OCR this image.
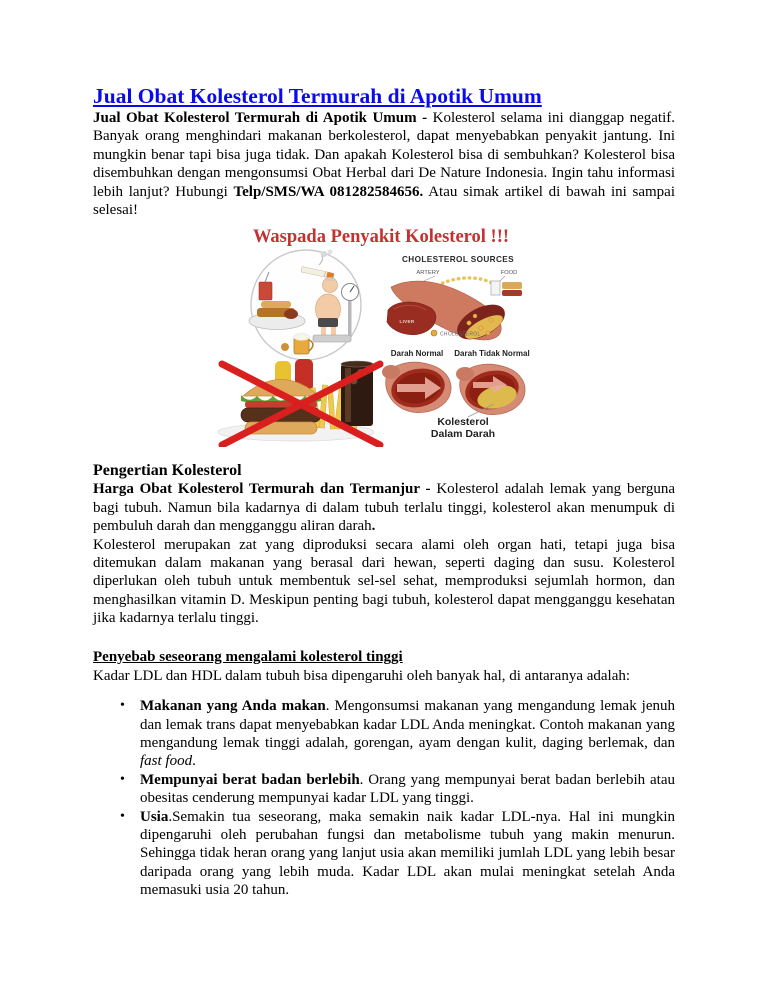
Jual Obat Kolesterol Termurah di Apotik Umum

Jual Obat Kolesterol Termurah di Apotik Umum - Kolesterol selama ini dianggap negatif. Banyak orang menghindari makanan berkolesterol, dapat menyebabkan penyakit jantung. Ini mungkin benar tapi bisa juga tidak. Dan apakah Kolesterol bisa di sembuhkan? Kolesterol bisa disembuhkan dengan mengonsumsi Obat Herbal dari De Nature Indonesia. Ingin tahu informasi lebih lanjut? Hubungi Telp/SMS/WA 081282584656. Atau simak artikel di bawah ini sampai selesai!

Waspada Penyakit Kolesterol !!!
CHOLESTEROL SOURCES
ARTERY	FOOD
LIVER
CHOLESTEROL
Darah Normal Darah Tidak Normal
Kolesterol
Dalam Darah
Pengertian Kolesterol

Harga Obat Kolesterol Termurah dan Termanjur - Kolesterol adalah lemak yang berguna bagi tubuh. Namun bila kadarnya di dalam tubuh terlalu tinggi, kolesterol akan menumpuk di pembuluh darah dan mengganggu aliran darah.

Kolesterol merupakan zat yang diproduksi secara alami oleh organ hati, tetapi juga bisa ditemukan dalam makanan yang berasal dari hewan, seperti daging dan susu. Kolesterol diperlukan oleh tubuh untuk membentuk sel-sel sehat, memproduksi sejumlah hormon, dan menghasilkan vitamin D. Meskipun penting bagi tubuh, kolesterol dapat mengganggu kesehatan jika kadarnya terlalu tinggi.

Penyebab seseorang mengalami kolesterol tinggi

Kadar LDL dan HDL dalam tubuh bisa dipengaruhi oleh banyak hal, di antaranya adalah:

• Makanan yang Anda makan. Mengonsumsi makanan yang mengandung lemak jenuh dan lemak trans dapat menyebabkan kadar LDL Anda meningkat. Contoh makanan yang mengandung lemak tinggi adalah, gorengan, ayam dengan kulit, daging berlemak, dan fast food.
• Mempunyai berat badan berlebih. Orang yang mempunyai berat badan berlebih atau obesitas cenderung mempunyai kadar LDL yang tinggi.
• Usia.Semakin tua seseorang, maka semakin naik kadar LDL-nya. Hal ini mungkin dipengaruhi oleh perubahan fungsi dan metabolisme tubuh yang makin menurun. Sehingga tidak heran orang yang lanjut usia akan memiliki jumlah LDL yang lebih besar daripada orang yang lebih muda. Kadar LDL akan mulai meningkat setelah Anda memasuki usia 20 tahun.
